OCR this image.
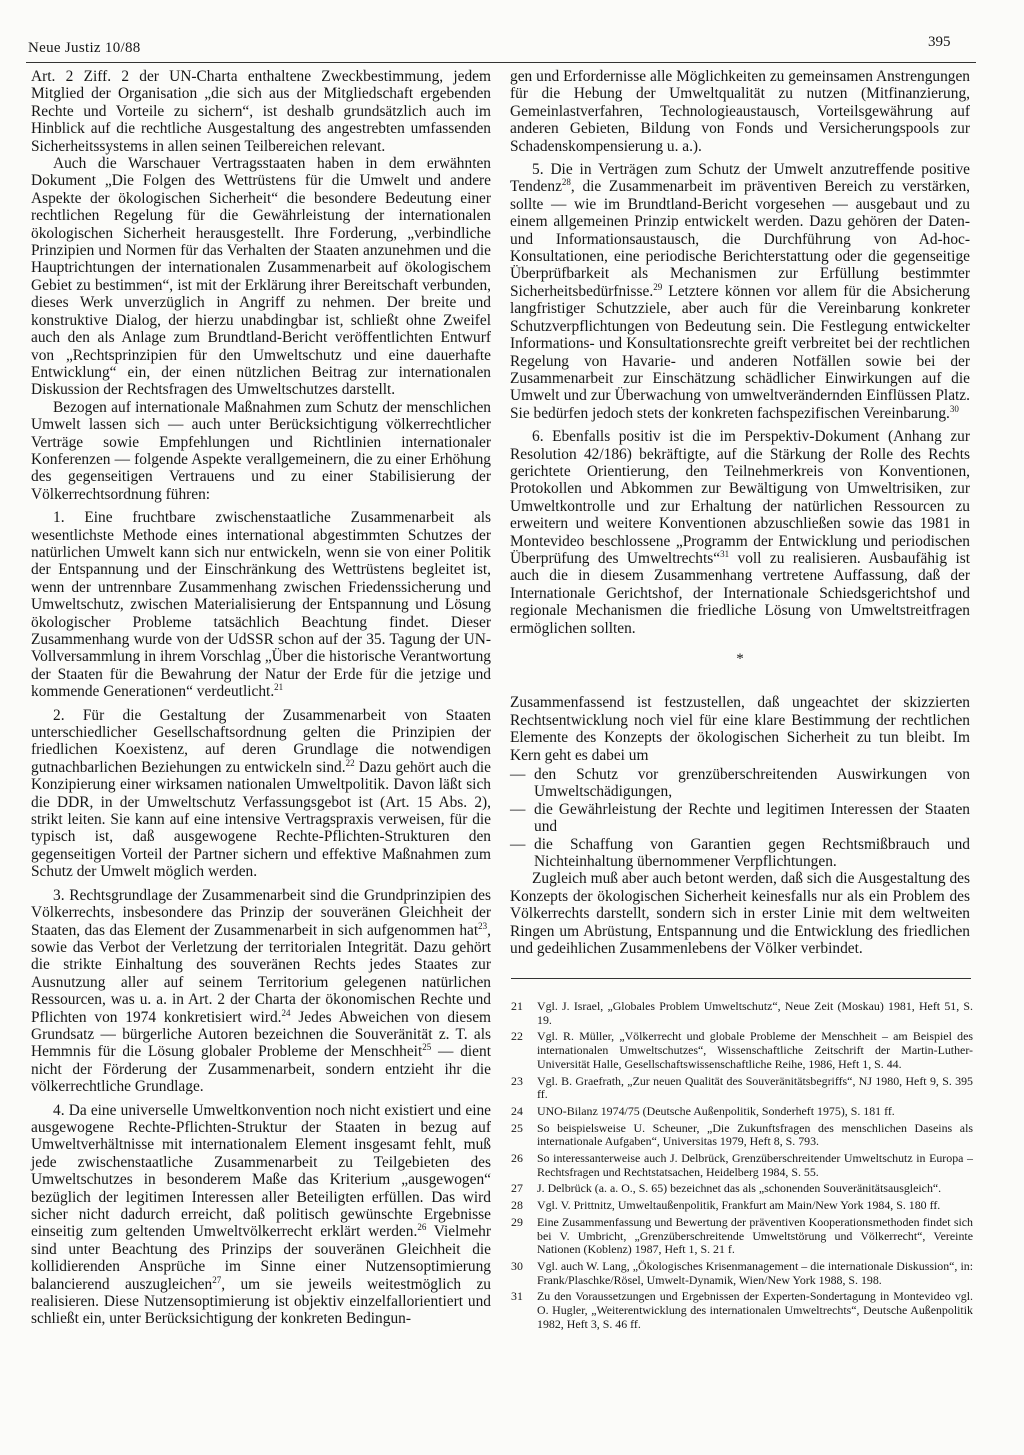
Neue Justiz 10/88	395

Art. 2 Ziff. 2 der UN-Charta enthaltene Zweckbestimmung, jedem Mitglied der Organisation „die sich aus der Mitgliedschaft ergebenden Rechte und Vorteile zu sichern“, ist deshalb grundsätzlich auch im Hinblick auf die rechtliche Ausgestaltung des angestrebten umfassenden Sicherheitssystems in allen seinen Teilbereichen relevant.

Auch die Warschauer Vertragsstaaten haben in dem erwähnten Dokument „Die Folgen des Wettrüstens für die Umwelt und andere Aspekte der ökologischen Sicherheit“ die besondere Bedeutung einer rechtlichen Regelung für die Gewährleistung der internationalen ökologischen Sicherheit herausgestellt. Ihre Forderung, „verbindliche Prinzipien und Normen für das Verhalten der Staaten anzunehmen und die Hauptrichtungen der internationalen Zusammenarbeit auf ökologischem Gebiet zu bestimmen“, ist mit der Erklärung ihrer Bereitschaft verbunden, dieses Werk unverzüglich in Angriff zu nehmen. Der breite und konstruktive Dialog, der hierzu unabdingbar ist, schließt ohne Zweifel auch den als Anlage zum Brundtland-Bericht veröffentlichten Entwurf von „Rechtsprinzipien für den Umweltschutz und eine dauerhafte Entwicklung“ ein, der einen nützlichen Beitrag zur internationalen Diskussion der Rechtsfragen des Umweltschutzes darstellt.

Bezogen auf internationale Maßnahmen zum Schutz der menschlichen Umwelt lassen sich — auch unter Berücksichtigung völkerrechtlicher Verträge sowie Empfehlungen und Richtlinien internationaler Konferenzen — folgende Aspekte verallgemeinern, die zu einer Erhöhung des gegenseitigen Vertrauens und zu einer Stabilisierung der Völkerrechtsordnung führen:

1. Eine fruchtbare zwischenstaatliche Zusammenarbeit als wesentlichste Methode eines international abgestimmten Schutzes der natürlichen Umwelt kann sich nur entwickeln, wenn sie von einer Politik der Entspannung und der Einschränkung des Wettrüstens begleitet ist, wenn der untrennbare Zusammenhang zwischen Friedenssicherung und Umweltschutz, zwischen Materialisierung der Entspannung und Lösung ökologischer Probleme tatsächlich Beachtung findet. Dieser Zusammenhang wurde von der UdSSR schon auf der 35. Tagung der UN-Vollversammlung in ihrem Vorschlag „Über die historische Verantwortung der Staaten für die Bewahrung der Natur der Erde für die jetzige und kommende Generationen“ verdeutlicht.$^{21}$

2. Für die Gestaltung der Zusammenarbeit von Staaten unterschiedlicher Gesellschaftsordnung gelten die Prinzipien der friedlichen Koexistenz, auf deren Grundlage die notwendigen gutnachbarlichen Beziehungen zu entwickeln sind.$^{22}$ Dazu gehört auch die Konzipierung einer wirksamen nationalen Umweltpolitik. Davon läßt sich die DDR, in der Umweltschutz Verfassungsgebot ist (Art. 15 Abs. 2), strikt leiten. Sie kann auf eine intensive Vertragspraxis verweisen, für die typisch ist, daß ausgewogene Rechte-Pflichten-Strukturen den gegenseitigen Vorteil der Partner sichern und effektive Maßnahmen zum Schutz der Umwelt möglich werden.

3. Rechtsgrundlage der Zusammenarbeit sind die Grundprinzipien des Völkerrechts, insbesondere das Prinzip der souveränen Gleichheit der Staaten, das das Element der Zusammenarbeit in sich aufgenommen hat$^{23}$, sowie das Verbot der Verletzung der territorialen Integrität. Dazu gehört die strikte Einhaltung des souveränen Rechts jedes Staates zur Ausnutzung aller auf seinem Territorium gelegenen natürlichen Ressourcen, was u. a. in Art. 2 der Charta der ökonomischen Rechte und Pflichten von 1974 konkretisiert wird.$^{24}$ Jedes Abweichen von diesem Grundsatz — bürgerliche Autoren bezeichnen die Souveränität z. T. als Hemmnis für die Lösung globaler Probleme der Menschheit$^{25}$ — dient nicht der Förderung der Zusammenarbeit, sondern entzieht ihr die völkerrechtliche Grundlage.

4. Da eine universelle Umweltkonvention noch nicht existiert und eine ausgewogene Rechte-Pflichten-Struktur der Staaten in bezug auf Umweltverhältnisse mit internationalem Element insgesamt fehlt, muß jede zwischenstaatliche Zusammenarbeit zu Teilgebieten des Umweltschutzes in besonderem Maße das Kriterium „ausgewogen“ bezüglich der legitimen Interessen aller Beteiligten erfüllen. Das wird sicher nicht dadurch erreicht, daß politisch gewünschte Ergebnisse einseitig zum geltenden Umweltvölkerrecht erklärt werden.$^{26}$ Vielmehr sind unter Beachtung des Prinzips der souveränen Gleichheit die kollidierenden Ansprüche im Sinne einer Nutzensoptimierung balancierend auszugleichen$^{27}$, um sie jeweils weitestmöglich zu realisieren. Diese Nutzensoptimierung ist objektiv einzelfallorientiert und schließt ein, unter Berücksichtigung der konkreten Bedingun-

gen und Erfordernisse alle Möglichkeiten zu gemeinsamen Anstrengungen für die Hebung der Umweltqualität zu nutzen (Mitfinanzierung, Gemeinlastverfahren, Technologieaustausch, Vorteilsgewährung auf anderen Gebieten, Bildung von Fonds und Versicherungspools zur Schadenskompensierung u. a.).

5. Die in Verträgen zum Schutz der Umwelt anzutreffende positive Tendenz$^{28}$, die Zusammenarbeit im präventiven Bereich zu verstärken, sollte — wie im Brundtland-Bericht vorgesehen — ausgebaut und zu einem allgemeinen Prinzip entwickelt werden. Dazu gehören der Daten- und Informationsaustausch, die Durchführung von Ad-hoc-Konsultationen, eine periodische Berichterstattung oder die gegenseitige Überprüfbarkeit als Mechanismen zur Erfüllung bestimmter Sicherheitsbedürfnisse.$^{29}$ Letztere können vor allem für die Absicherung langfristiger Schutzziele, aber auch für die Vereinbarung konkreter Schutzverpflichtungen von Bedeutung sein. Die Festlegung entwickelter Informations- und Konsultationsrechte greift verbreitet bei der rechtlichen Regelung von Havarie- und anderen Notfällen sowie bei der Zusammenarbeit zur Einschätzung schädlicher Einwirkungen auf die Umwelt und zur Überwachung von umweltverändernden Einflüssen Platz. Sie bedürfen jedoch stets der konkreten fachspezifischen Vereinbarung.$^{30}$

6. Ebenfalls positiv ist die im Perspektiv-Dokument (Anhang zur Resolution 42/186) bekräftigte, auf die Stärkung der Rolle des Rechts gerichtete Orientierung, den Teilnehmerkreis von Konventionen, Protokollen und Abkommen zur Bewältigung von Umweltrisiken, zur Umweltkontrolle und zur Erhaltung der natürlichen Ressourcen zu erweitern und weitere Konventionen abzuschließen sowie das 1981 in Montevideo beschlossene „Programm der Entwicklung und periodischen Überprüfung des Umweltrechts“$^{31}$ voll zu realisieren. Ausbaufähig ist auch die in diesem Zusammenhang vertretene Auffassung, daß der Internationale Gerichtshof, der Internationale Schiedsgerichtshof und regionale Mechanismen die friedliche Lösung von Umweltstreitfragen ermöglichen sollten.

*

Zusammenfassend ist festzustellen, daß ungeachtet der skizzierten Rechtsentwicklung noch viel für eine klare Bestimmung der rechtlichen Elemente des Konzepts der ökologischen Sicherheit zu tun bleibt. Im Kern geht es dabei um

— den Schutz vor grenzüberschreitenden Auswirkungen von Umweltschädigungen,
— die Gewährleistung der Rechte und legitimen Interessen der Staaten und
— die Schaffung von Garantien gegen Rechtsmißbrauch und Nichteinhaltung übernommener Verpflichtungen.

Zugleich muß aber auch betont werden, daß sich die Ausgestaltung des Konzepts der ökologischen Sicherheit keinesfalls nur als ein Problem des Völkerrechts darstellt, sondern sich in erster Linie mit dem weltweiten Ringen um Abrüstung, Entspannung und die Entwicklung des friedlichen und gedeihlichen Zusammenlebens der Völker verbindet.

21	Vgl. J. Israel, „Globales Problem Umweltschutz“, Neue Zeit (Moskau) 1981, Heft 51, S. 19.
22	Vgl. R. Müller, „Völkerrecht und globale Probleme der Menschheit – am Beispiel des internationalen Umweltschutzes“, Wissenschaftliche Zeitschrift der Martin-Luther-Universität Halle, Gesellschaftswissenschaftliche Reihe, 1986, Heft 1, S. 44.
23	Vgl. B. Graefrath, „Zur neuen Qualität des Souveränitätsbegriffs“, NJ 1980, Heft 9, S. 395 ff.
24	UNO-Bilanz 1974/75 (Deutsche Außenpolitik, Sonderheft 1975), S. 181 ff.
25	So beispielsweise U. Scheuner, „Die Zukunftsfragen des menschlichen Daseins als internationale Aufgaben“, Universitas 1979, Heft 8, S. 793.
26	So interessanterweise auch J. Delbrück, Grenzüberschreitender Umweltschutz in Europa – Rechtsfragen und Rechtstatsachen, Heidelberg 1984, S. 55.
27	J. Delbrück (a. a. O., S. 65) bezeichnet das als „schonenden Souveränitätsausgleich“.
28	Vgl. V. Prittnitz, Umweltaußenpolitik, Frankfurt am Main/New York 1984, S. 180 ff.
29	Eine Zusammenfassung und Bewertung der präventiven Kooperationsmethoden findet sich bei V. Umbricht, „Grenzüberschreitende Umweltstörung und Völkerrecht“, Vereinte Nationen (Koblenz) 1987, Heft 1, S. 21 f.
30	Vgl. auch W. Lang, „Ökologisches Krisenmanagement – die internationale Diskussion“, in: Frank/Plaschke/Rösel, Umwelt-Dynamik, Wien/New York 1988, S. 198.
31	Zu den Voraussetzungen und Ergebnissen der Experten-Sondertagung in Montevideo vgl. O. Hugler, „Weiterentwicklung des internationalen Umweltrechts“, Deutsche Außenpolitik 1982, Heft 3, S. 46 ff.
